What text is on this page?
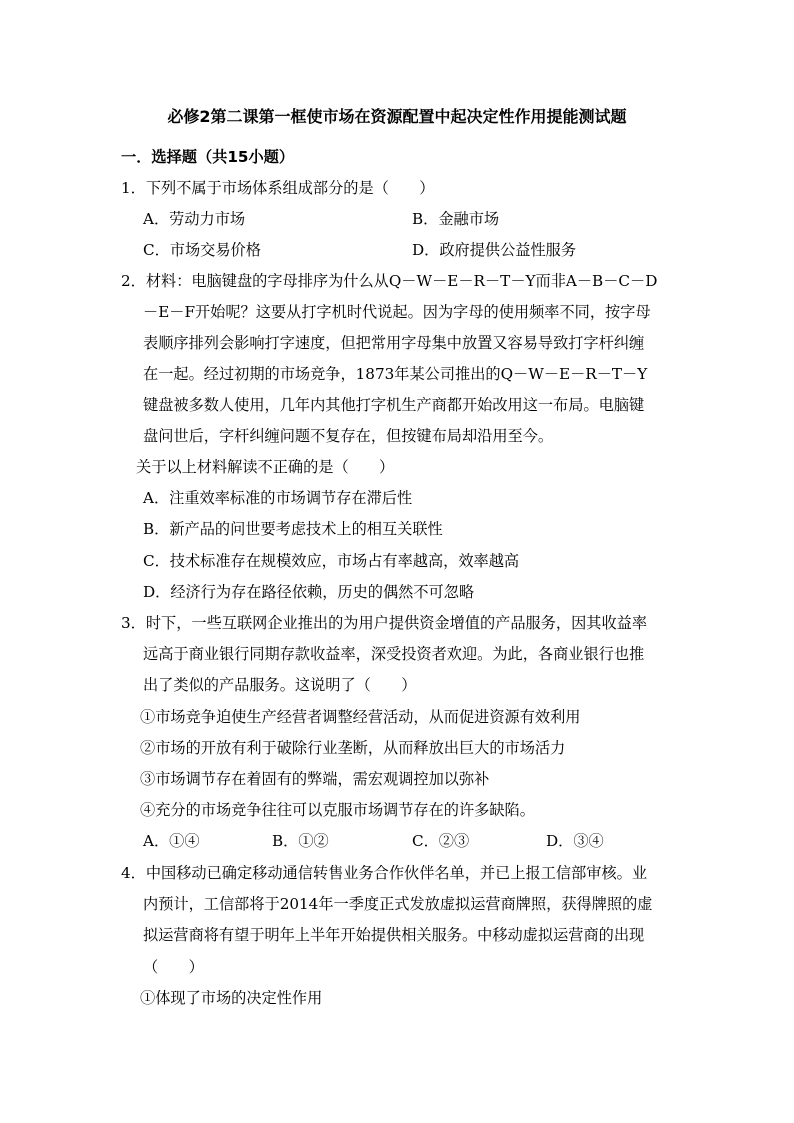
必修2第二课第一框使市场在资源配置中起决定性作用提能测试题
一．选择题（共15小题）
1．下列不属于市场体系组成部分的是（　　）
A．劳动力市场	B．金融市场
C．市场交易价格	D．政府提供公益性服务
2．材料：电脑键盘的字母排序为什么从Q－W－E－R－T－Y而非A－B－C－D
－E－F开始呢？这要从打字机时代说起。因为字母的使用频率不同，按字母
表顺序排列会影响打字速度，但把常用字母集中放置又容易导致打字杆纠缠
在一起。经过初期的市场竞争，1873年某公司推出的Q－W－E－R－T－Y
键盘被多数人使用，几年内其他打字机生产商都开始改用这一布局。电脑键
盘问世后，字杆纠缠问题不复存在，但按键布局却沿用至今。
关于以上材料解读不正确的是（　　）
A．注重效率标准的市场调节存在滞后性
B．新产品的问世要考虑技术上的相互关联性
C．技术标准存在规模效应，市场占有率越高，效率越高
D．经济行为存在路径依赖，历史的偶然不可忽略
3．时下，一些互联网企业推出的为用户提供资金增值的产品服务，因其收益率
远高于商业银行同期存款收益率，深受投资者欢迎。为此，各商业银行也推
出了类似的产品服务。这说明了（　　）
①市场竞争迫使生产经营者调整经营活动，从而促进资源有效利用
②市场的开放有利于破除行业垄断，从而释放出巨大的市场活力
③市场调节存在着固有的弊端，需宏观调控加以弥补
④充分的市场竞争往往可以克服市场调节存在的许多缺陷。
A．①④	B．①②	C．②③	D．③④
4．中国移动已确定移动通信转售业务合作伙伴名单，并已上报工信部审核。业
内预计，工信部将于2014年一季度正式发放虚拟运营商牌照，获得牌照的虚
拟运营商将有望于明年上半年开始提供相关服务。中移动虚拟运营商的出现
（　　）
①体现了市场的决定性作用
